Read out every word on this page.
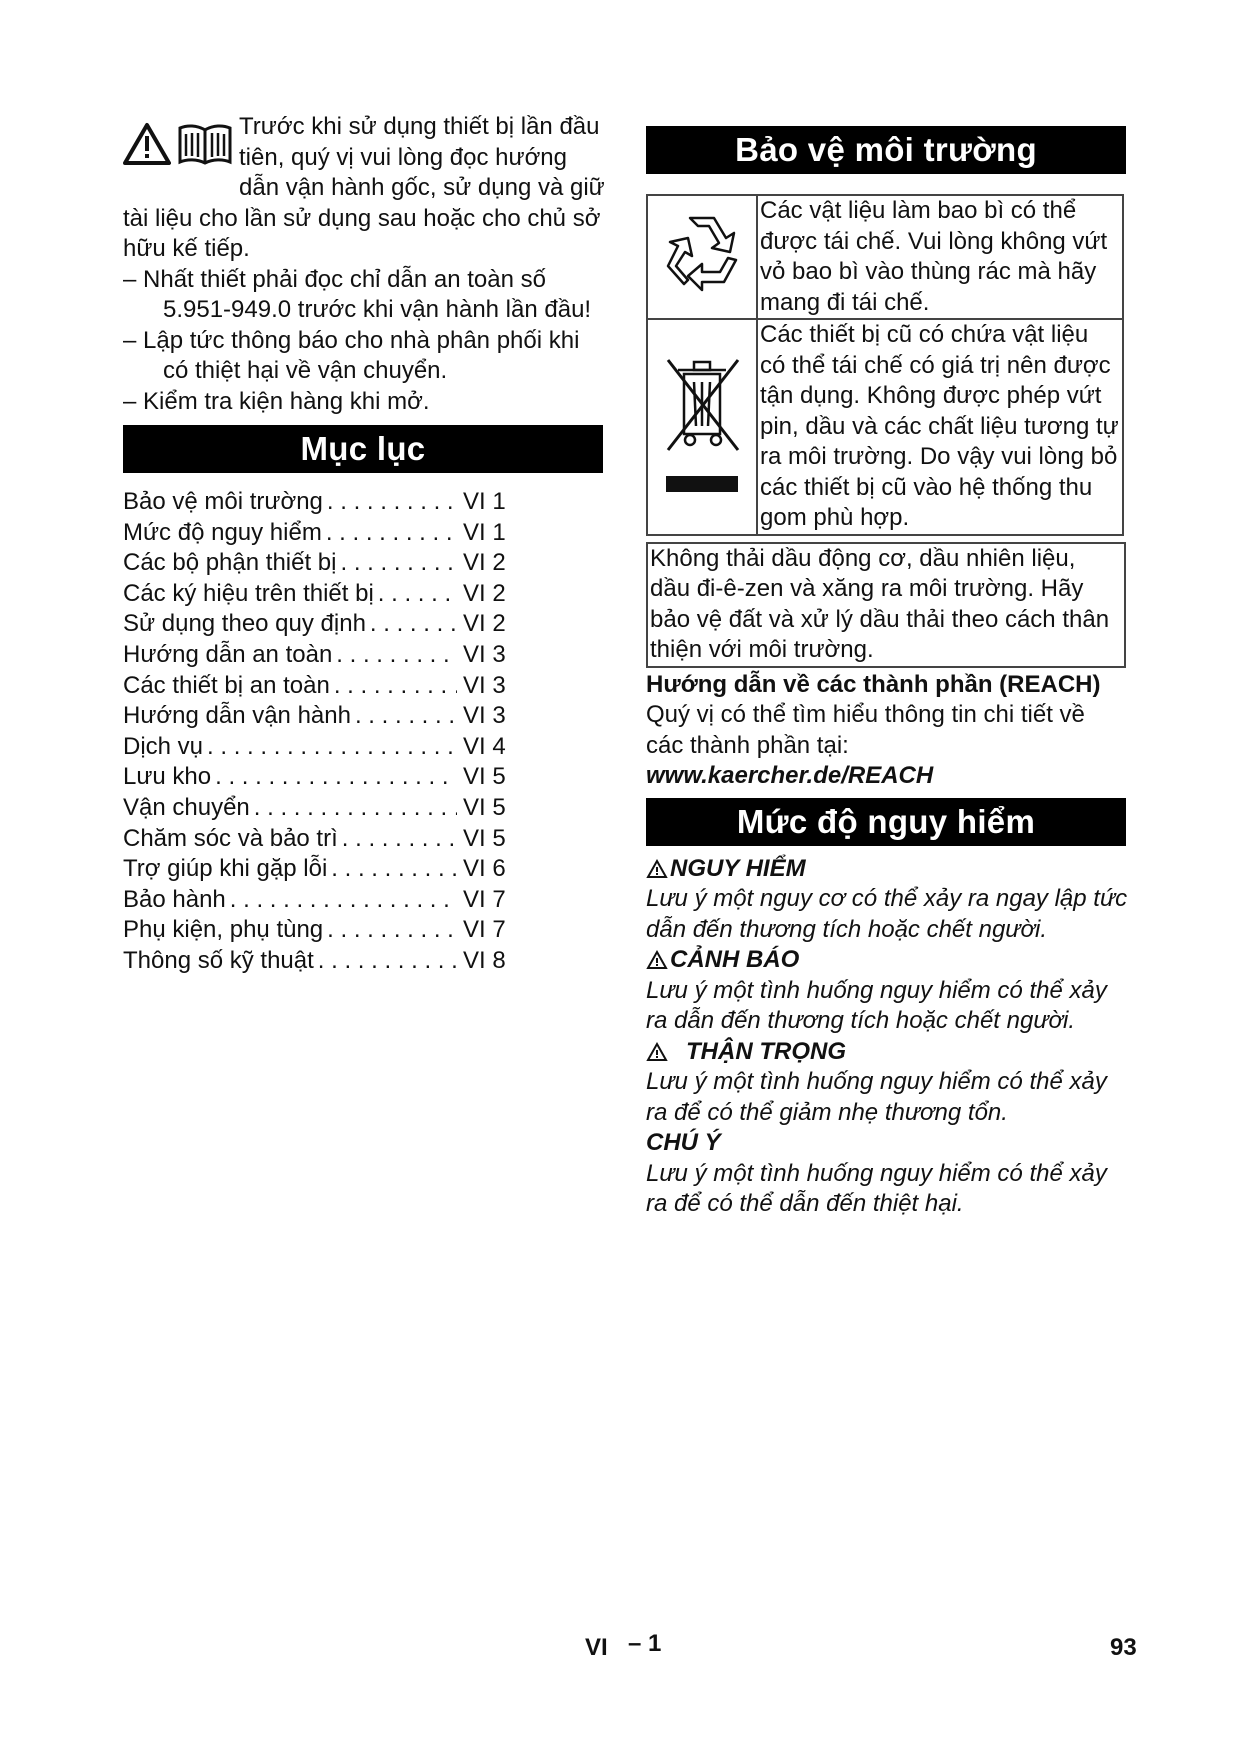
Trước khi sử dụng thiết bị lần đầu tiên, quý vị vui lòng đọc hướng dẫn vận hành gốc, sử dụng và giữ tài liệu cho lần sử dụng sau hoặc cho chủ sở hữu kế tiếp.

– Nhất thiết phải đọc chỉ dẫn an toàn số 5.951-949.0 trước khi vận hành lần đầu!
– Lập tức thông báo cho nhà phân phối khi có thiệt hại về vận chuyển.
– Kiểm tra kiện hàng khi mở.
Mục lục
Bảo vệ môi trường . . .	VI 1
Mức độ nguy hiểm . . .	VI 1
Các bộ phận thiết bị . . .	VI 2
Các ký hiệu trên thiết bị . . .	VI 2
Sử dụng theo quy định . . .	VI 2
Hướng dẫn an toàn . . .	VI 3
Các thiết bị an toàn . . .	VI 3
Hướng dẫn vận hành . . .	VI 3
Dịch vụ . . .	VI 4
Lưu kho . . .	VI 5
Vận chuyển . . .	VI 5
Chăm sóc và bảo trì . . .	VI 5
Trợ giúp khi gặp lỗi . . .	VI 6
Bảo hành . . .	VI 7
Phụ kiện, phụ tùng . . .	VI 7
Thông số kỹ thuật . . .	VI 8
Bảo vệ môi trường
	Các vật liệu làm bao bì có thể được tái chế. Vui lòng không vứt vỏ bao bì vào thùng rác mà hãy mang đi tái chế.
	Các thiết bị cũ có chứa vật liệu có thể tái chế có giá trị nên được tận dụng. Không được phép vứt pin, dầu và các chất liệu tương tự ra môi trường. Do vậy vui lòng bỏ các thiết bị cũ vào hệ thống thu gom phù hợp.
Không thải dầu động cơ, dầu nhiên liệu, dầu đi-ê-zen và xăng ra môi trường. Hãy bảo vệ đất và xử lý dầu thải theo cách thân thiện với môi trường.
Hướng dẫn về các thành phần (REACH)
Quý vị có thể tìm hiểu thông tin chi tiết về các thành phần tại:
www.kaercher.de/REACH
Mức độ nguy hiểm
NGUY HIỂM
Lưu ý một nguy cơ có thể xảy ra ngay lập tức dẫn đến thương tích hoặc chết người.
CẢNH BÁO
Lưu ý một tình huống nguy hiểm có thể xảy ra dẫn đến thương tích hoặc chết người.
THẬN TRỌNG
Lưu ý một tình huống nguy hiểm có thể xảy ra để có thể giảm nhẹ thương tổn.
CHÚ Ý
Lưu ý một tình huống nguy hiểm có thể xảy ra để có thể dẫn đến thiệt hại.
VI – 1	93
